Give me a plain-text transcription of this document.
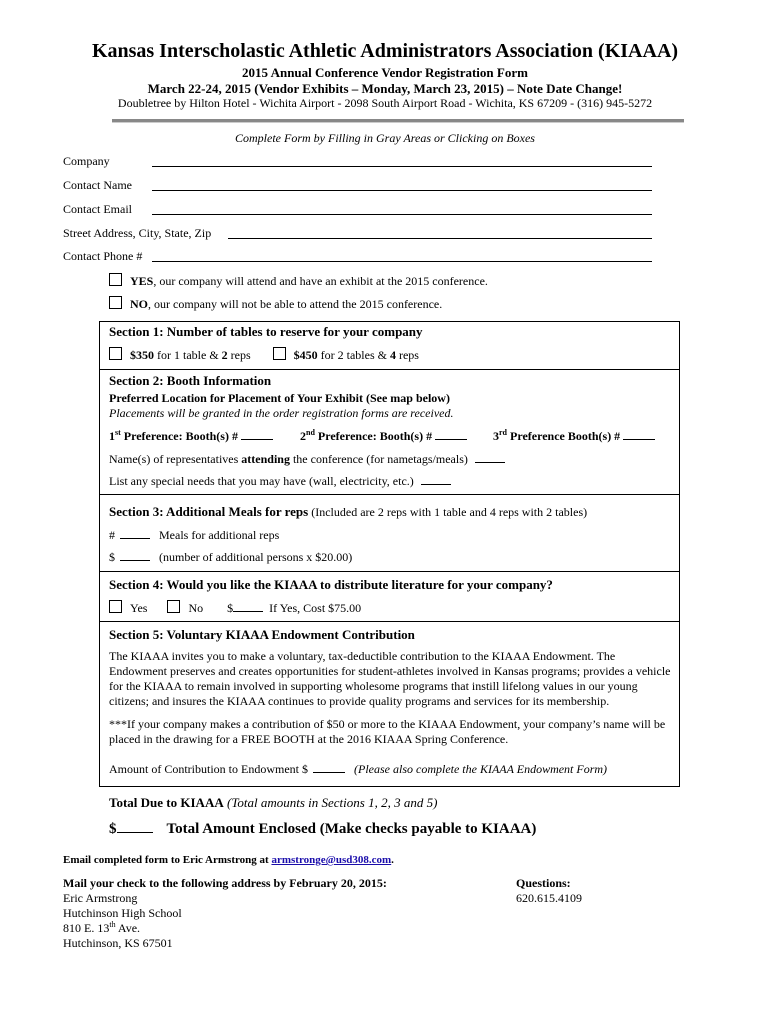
Kansas Interscholastic Athletic Administrators Association (KIAAA)
2015 Annual Conference Vendor Registration Form
March 22-24, 2015 (Vendor Exhibits – Monday, March 23, 2015) – Note Date Change!
Doubletree by Hilton Hotel - Wichita Airport - 2098 South Airport Road - Wichita, KS 67209 - (316) 945-5272
Complete Form by Filling in Gray Areas or Clicking on Boxes
Company
Contact Name
Contact Email
Street Address, City, State, Zip
Contact Phone #
YES, our company will attend and have an exhibit at the 2015 conference.
NO, our company will not be able to attend the 2015 conference.
Section 1: Number of tables to reserve for your company
$350 for 1 table & 2 reps	$450 for 2 tables & 4 reps
Section 2: Booth Information
Preferred Location for Placement of Your Exhibit (See map below)
Placements will be granted in the order registration forms are received.
1st Preference: Booth(s) #	2nd Preference: Booth(s) #	3rd Preference Booth(s) #
Name(s) of representatives attending the conference (for nametags/meals)
List any special needs that you may have (wall, electricity, etc.)
Section 3: Additional Meals for reps (Included are 2 reps with 1 table and 4 reps with 2 tables)
#	Meals for additional reps
$	(number of additional persons x $20.00)
Section 4: Would you like the KIAAA to distribute literature for your company?
Yes	No $	If Yes, Cost $75.00
Section 5: Voluntary KIAAA Endowment Contribution
The KIAAA invites you to make a voluntary, tax-deductible contribution to the KIAAA Endowment. The Endowment preserves and creates opportunities for student-athletes involved in Kansas programs; provides a vehicle for the KIAAA to remain involved in supporting wholesome programs that instill lifelong values in our young citizens; and insures the KIAAA continues to provide quality programs and services for its membership.
***If your company makes a contribution of $50 or more to the KIAAA Endowment, your company’s name will be placed in the drawing for a FREE BOOTH at the 2016 KIAAA Spring Conference.
Amount of Contribution to Endowment $	(Please also complete the KIAAA Endowment Form)
Total Due to KIAAA (Total amounts in Sections 1, 2, 3 and 5)
$	Total Amount Enclosed (Make checks payable to KIAAA)
Email completed form to Eric Armstrong at armstronge@usd308.com.
Mail your check to the following address by February 20, 2015:
Eric Armstrong
Hutchinson High School
810 E. 13th Ave.
Hutchinson, KS 67501
Questions:
620.615.4109
